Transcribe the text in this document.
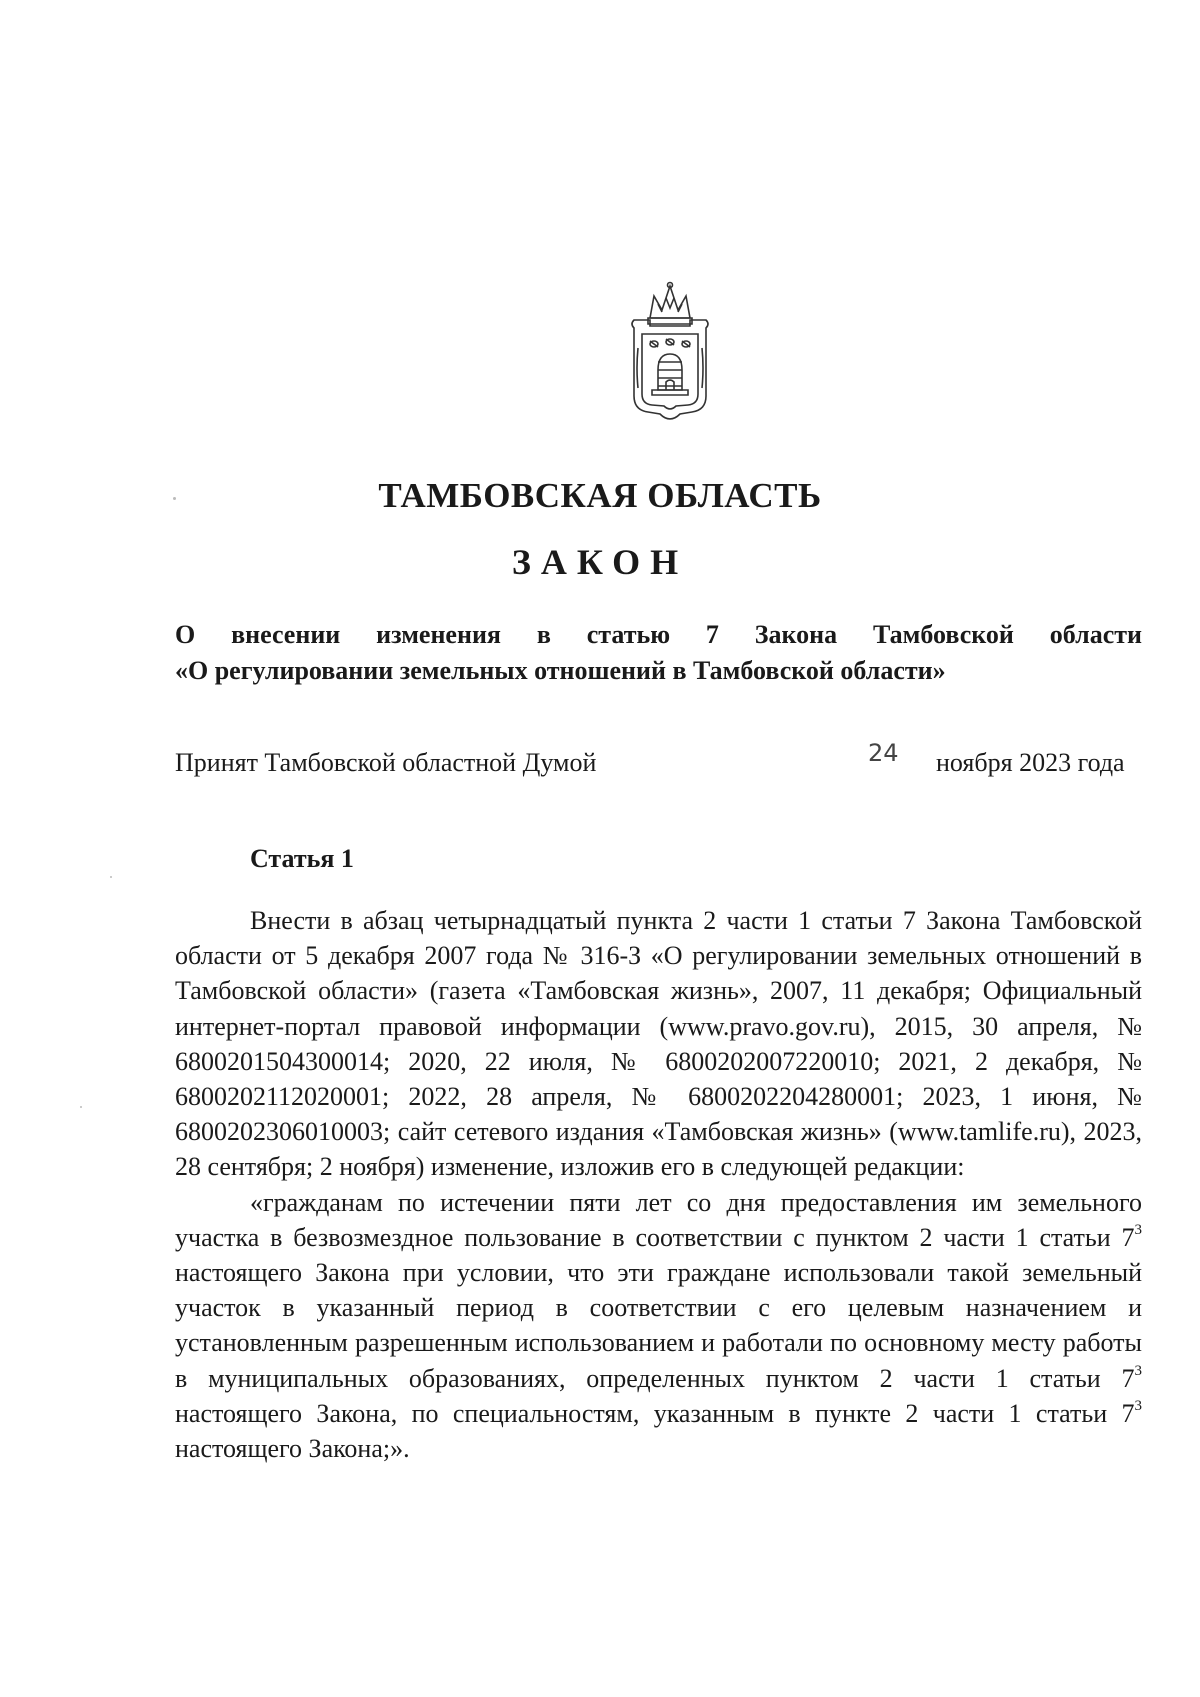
ТАМБОВСКАЯ ОБЛАСТЬ
ЗАКОН
О внесении изменения в статью 7 Закона Тамбовской области
«О регулировании земельных отношений в Тамбовской области»
Принят Тамбовской областной Думой	24 ноября 2023 года
Статья 1

Внести в абзац четырнадцатый пункта 2 части 1 статьи 7 Закона Тамбовской области от 5 декабря 2007 года № 316-З «О регулировании земельных отношений в Тамбовской области» (газета «Тамбовская жизнь», 2007, 11 декабря; Официальный интернет-портал правовой информации (www.pravo.gov.ru), 2015, 30 апреля, № 6800201504300014; 2020, 22 июля, № 6800202007220010; 2021, 2 декабря, № 6800202112020001; 2022, 28 апреля, № 6800202204280001; 2023, 1 июня, № 6800202306010003; сайт сетевого издания «Тамбовская жизнь» (www.tamlife.ru), 2023, 28 сентября; 2 ноября) изменение, изложив его в следующей редакции:

«гражданам по истечении пяти лет со дня предоставления им земельного участка в безвозмездное пользование в соответствии с пунктом 2 части 1 статьи $7^3$ настоящего Закона при условии, что эти граждане использовали такой земельный участок в указанный период в соответствии с его целевым назначением и установленным разрешенным использованием и работали по основному месту работы в муниципальных образованиях, определенных пунктом 2 части 1 статьи $7^3$ настоящего Закона, по специальностям, указанным в пункте 2 части 1 статьи $7^3$ настоящего Закона;».
